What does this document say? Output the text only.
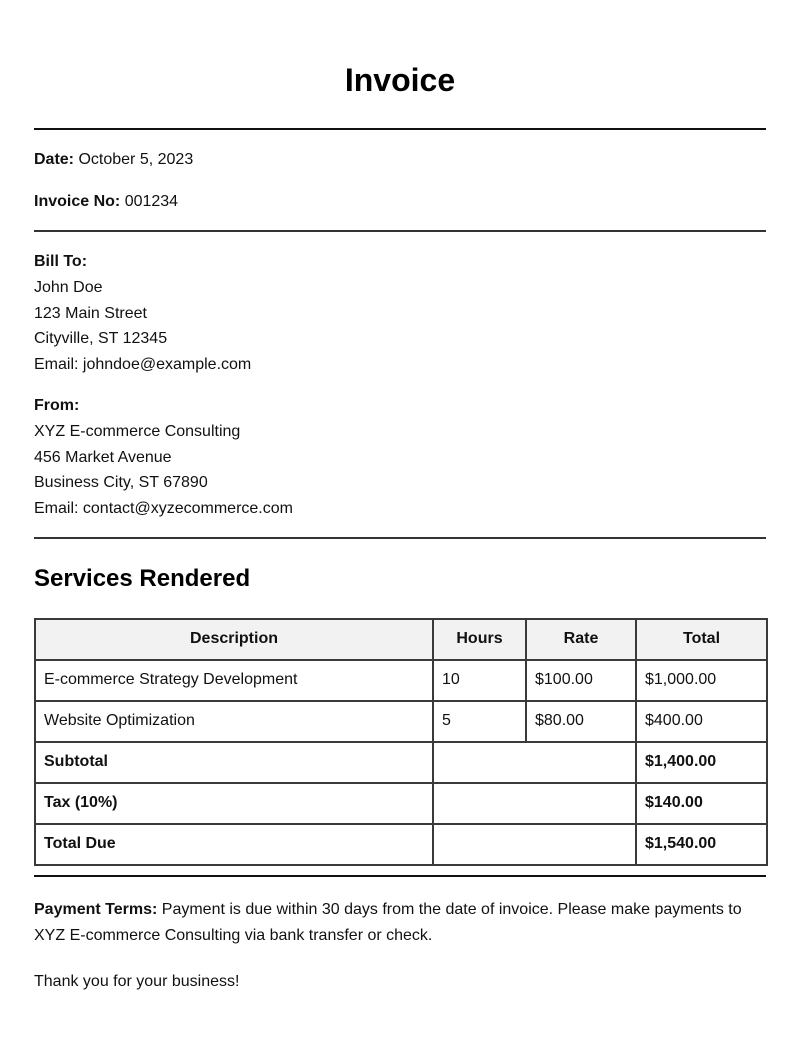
Invoice
Date: October 5, 2023
Invoice No: 001234
Bill To:
John Doe
123 Main Street
Cityville, ST 12345
Email: johndoe@example.com
From:
XYZ E-commerce Consulting
456 Market Avenue
Business City, ST 67890
Email: contact@xyzecommerce.com
Services Rendered
Description	Hours	Rate	Total
E-commerce Strategy Development	10	$100.00	$1,000.00
Website Optimization	5	$80.00	$400.00
Subtotal			$1,400.00
Tax (10%)			$140.00
Total Due			$1,540.00
Payment Terms: Payment is due within 30 days from the date of invoice. Please make payments to XYZ E-commerce Consulting via bank transfer or check.
Thank you for your business!
